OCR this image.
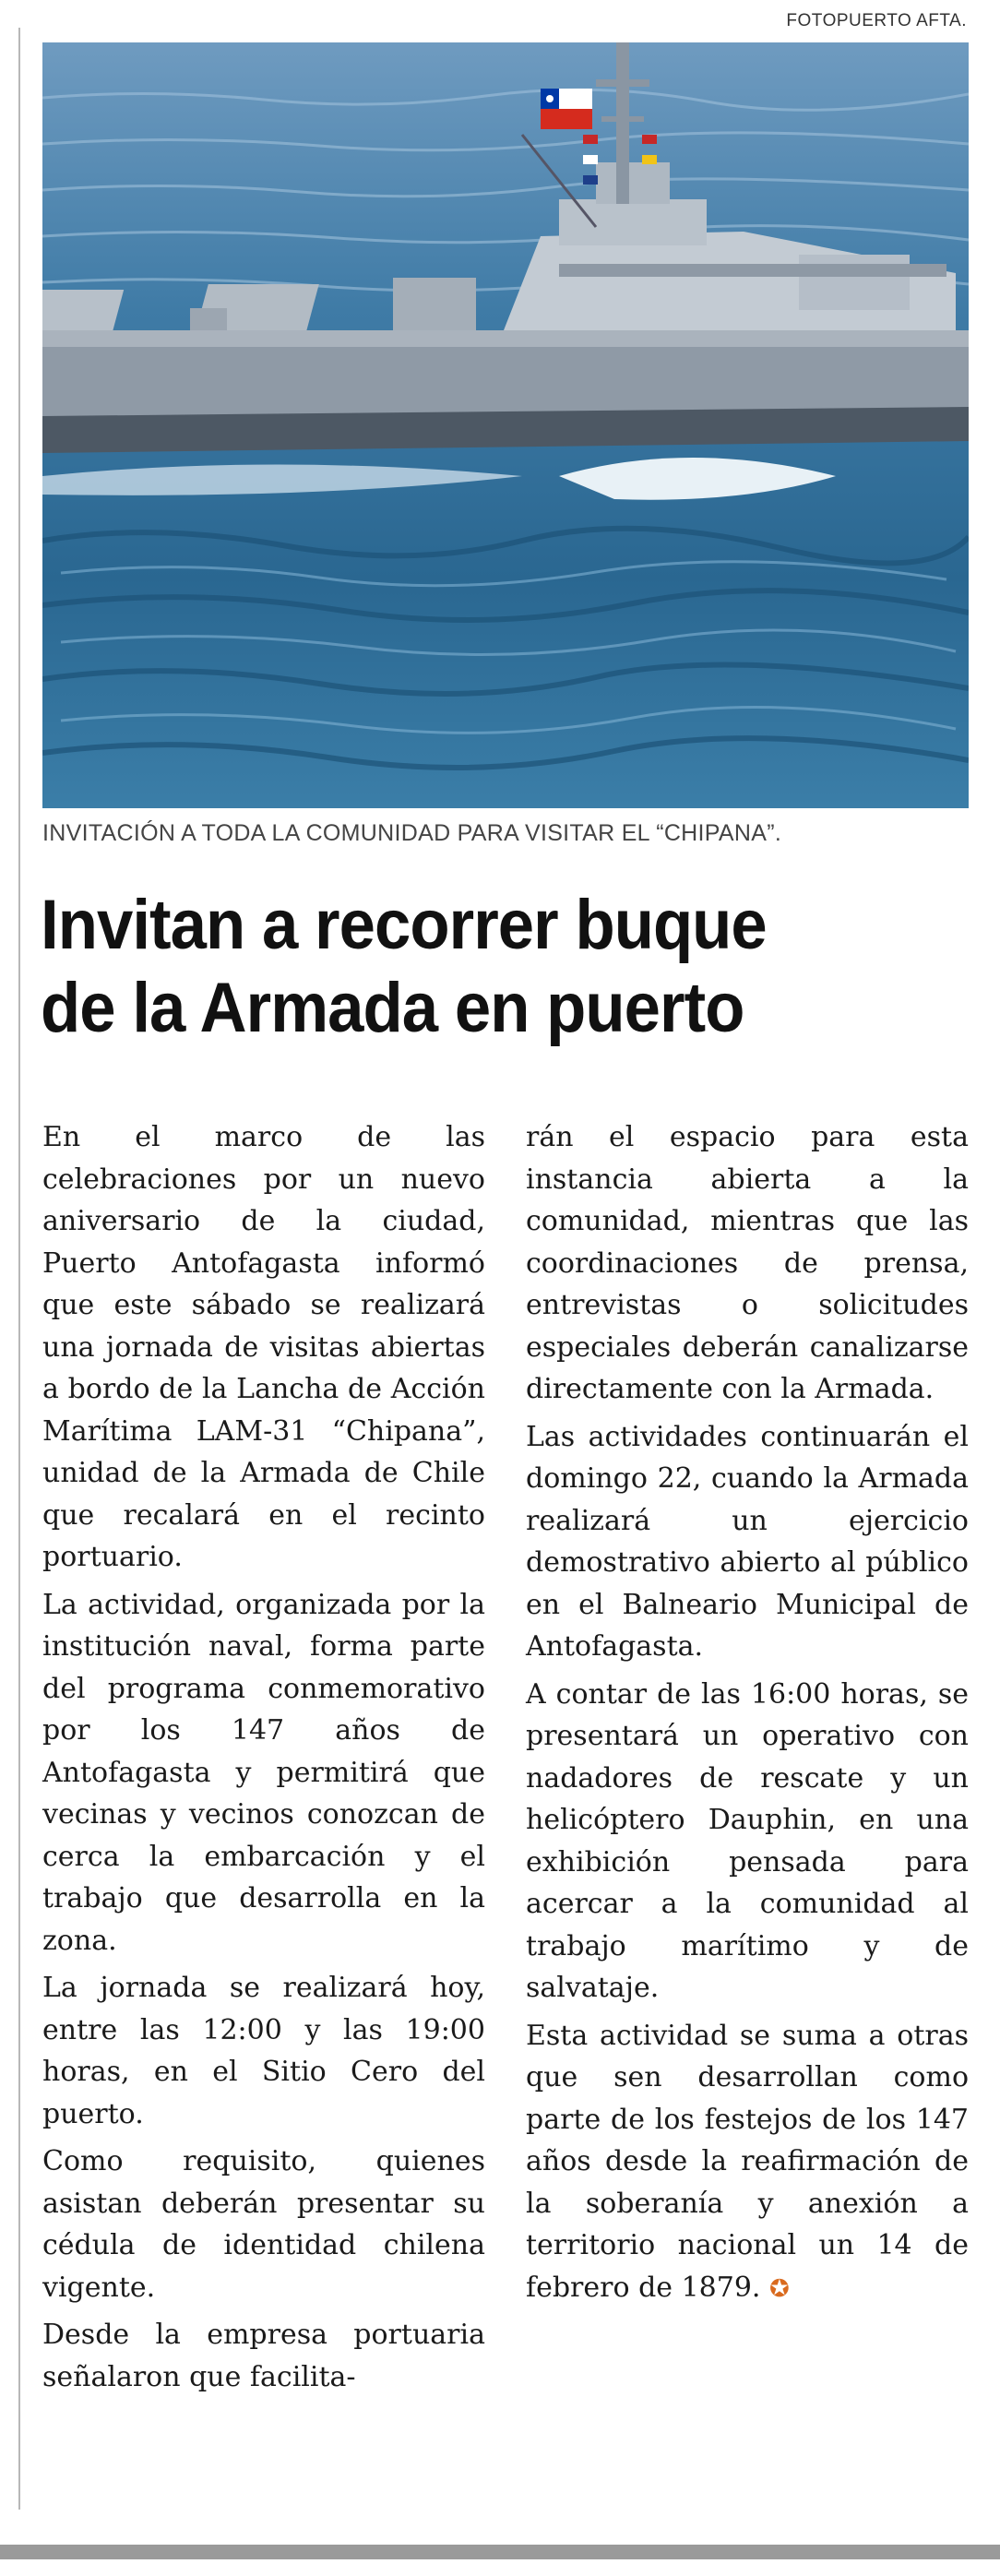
FOTOPUERTO AFTA.
INVITACIÓN A TODA LA COMUNIDAD PARA VISITAR EL “CHIPANA”.
Invitan a recorrer buque
de la Armada en puerto

En el marco de las celebraciones por un nuevo aniversario de la ciudad, Puerto Antofagasta informó que este sábado se realizará una jornada de visitas abiertas a bordo de la Lancha de Acción Marítima LAM-31 “Chipana”, unidad de la Armada de Chile que recalará en el recinto portuario.

La actividad, organizada por la institución naval, forma parte del programa conmemorativo por los 147 años de Antofagasta y permitirá que vecinas y vecinos conozcan de cerca la embarcación y el trabajo que desarrolla en la zona.

La jornada se realizará hoy, entre las 12:00 y las 19:00 horas, en el Sitio Cero del puerto.

Como requisito, quienes asistan deberán presentar su cédula de identidad chilena vigente.

Desde la empresa portuaria señalaron que facilita-

rán el espacio para esta instancia abierta a la comunidad, mientras que las coordinaciones de prensa, entrevistas o solicitudes especiales deberán canalizarse directamente con la Armada.

Las actividades continuarán el domingo 22, cuando la Armada realizará un ejercicio demostrativo abierto al público en el Balneario Municipal de Antofagasta.

A contar de las 16:00 horas, se presentará un operativo con nadadores de rescate y un helicóptero Dauphin, en una exhibición pensada para acercar a la comunidad al trabajo marítimo y de salvataje.

Esta actividad se suma a otras que sen desarrollan como parte de los festejos de los 147 años desde la reafirmación de la soberanía y anexión a territorio nacional un 14 de febrero de 1879. ✪
